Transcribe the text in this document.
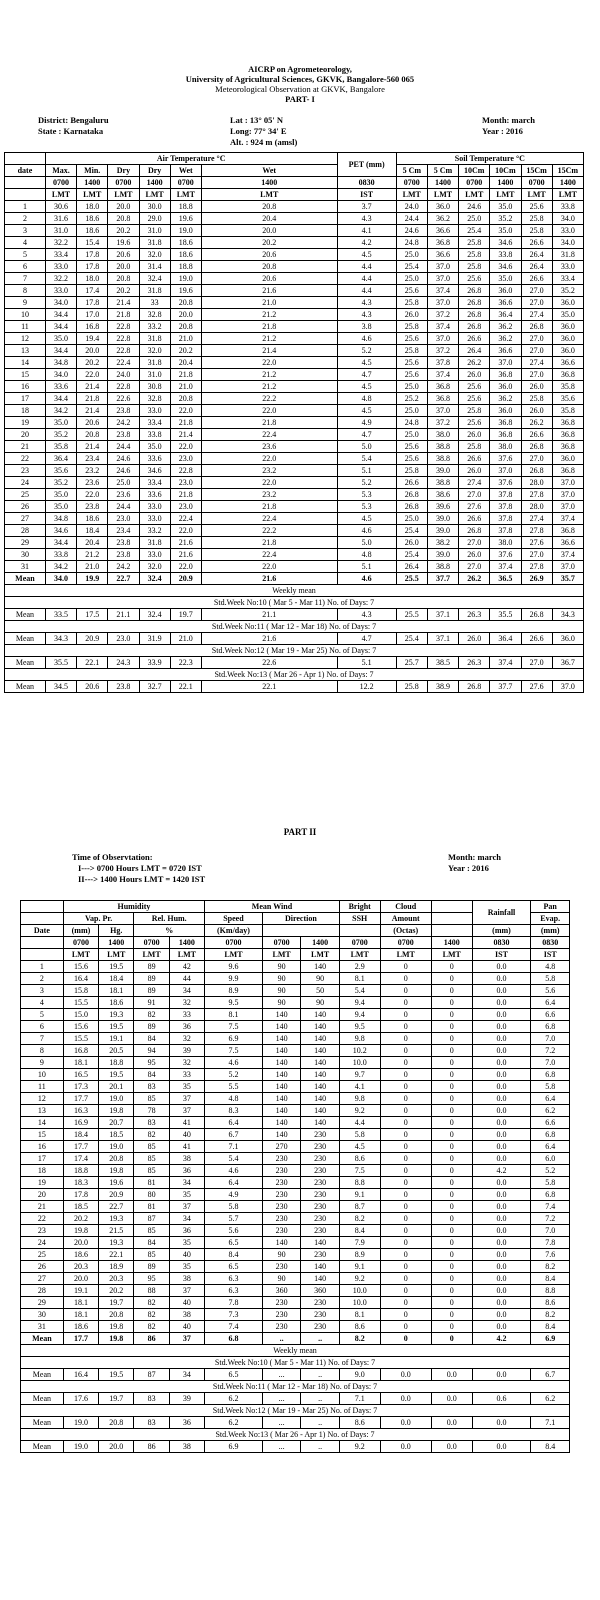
AICRP on Agrometeorology,
University of Agricultural Sciences, GKVK, Bangalore-560 065
Meteorological Observation at GKVK, Bangalore
PART- I
District: Bengaluru
State : Karnataka
Lat : 13° 05' N
Long: 77° 34' E
Alt. : 924 m (amsl)
Month: march
Year : 2016
	Air Temperature °C						PET (mm)	Soil Temperature °C					
date	Max.	Min.	Dry	Dry	Wet	Wet		5 Cm	5 Cm	10Cm	10Cm	15Cm	15Cm
	0700	1400	0700	1400	0700	1400	0830	0700	1400	0700	1400	0700	1400
	LMT	LMT	LMT	LMT	LMT	LMT	IST	LMT	LMT	LMT	LMT	LMT	LMT
1	30.6	18.0	20.0	30.0	18.8	20.8	3.7	24.0	36.0	24.6	35.0	25.6	33.8
2	31.6	18.6	20.8	29.0	19.6	20.4	4.3	24.4	36.2	25.0	35.2	25.8	34.0
3	31.0	18.6	20.2	31.0	19.0	20.0	4.1	24.6	36.6	25.4	35.0	25.8	33.0
4	32.2	15.4	19.6	31.8	18.6	20.2	4.2	24.8	36.8	25.8	34.6	26.6	34.0
5	33.4	17.8	20.6	32.0	18.6	20.6	4.5	25.0	36.6	25.8	33.8	26.4	31.8
6	33.0	17.8	20.0	31.4	18.8	20.8	4.4	25.4	37.0	25.8	34.6	26.4	33.0
7	32.2	18.0	20.8	32.4	19.0	20.6	4.4	25.0	37.0	25.6	35.0	26.6	33.4
8	33.0	17.4	20.2	31.8	19.6	21.6	4.4	25.6	37.4	26.8	36.0	27.0	35.2
9	34.0	17.8	21.4	33	20.8	21.0	4.3	25.8	37.0	26.8	36.6	27.0	36.0
10	34.4	17.0	21.8	32.8	20.0	21.2	4.3	26.0	37.2	26.8	36.4	27.4	35.0
11	34.4	16.8	22.8	33.2	20.8	21.8	3.8	25.8	37.4	26.8	36.2	26.8	36.0
12	35.0	19.4	22.8	31.8	21.0	21.2	4.6	25.6	37.0	26.6	36.2	27.0	36.0
13	34.4	20.0	22.8	32.0	20.2	21.4	5.2	25.8	37.2	26.4	36.6	27.0	36.0
14	34.8	20.2	22.4	31.8	20.4	22.0	4.5	25.6	37.8	26.2	37.0	27.4	36.6
15	34.0	22.0	24.0	31.0	21.8	21.2	4.7	25.6	37.4	26.0	36.8	27.0	36.8
16	33.6	21.4	22.8	30.8	21.0	21.2	4.5	25.0	36.8	25.6	36.0	26.0	35.8
17	34.4	21.8	22.6	32.8	20.8	22.2	4.8	25.2	36.8	25.6	36.2	25.8	35.6
18	34.2	21.4	23.8	33.0	22.0	22.0	4.5	25.0	37.0	25.8	36.0	26.0	35.8
19	35.0	20.6	24.2	33.4	21.8	21.8	4.9	24.8	37.2	25.6	36.8	26.2	36.8
20	35.2	20.8	23.8	33.8	21.4	22.4	4.7	25.0	38.0	26.0	36.8	26.6	36.8
21	35.8	21.4	24.4	35.0	22.0	23.6	5.0	25.6	38.8	25.8	38.0	26.8	36.8
22	36.4	23.4	24.6	33.6	23.0	22.0	5.4	25.6	38.8	26.6	37.6	27.0	36.0
23	35.6	23.2	24.6	34.6	22.8	23.2	5.1	25.8	39.0	26.0	37.0	26.8	36.8
24	35.2	23.6	25.0	33.4	23.0	22.0	5.2	26.6	38.8	27.4	37.6	28.0	37.0
25	35.0	22.0	23.6	33.6	21.8	23.2	5.3	26.8	38.6	27.0	37.8	27.8	37.0
26	35.0	23.8	24.4	33.0	23.0	21.8	5.3	26.8	39.6	27.6	37.8	28.0	37.0
27	34.8	18.6	23.0	33.0	22.4	22.4	4.5	25.0	39.0	26.6	37.8	27.4	37.4
28	34.6	18.4	23.4	33.2	22.0	22.2	4.6	25.4	39.0	26.8	37.8	27.8	36.8
29	34.4	20.4	23.8	31.8	21.6	21.8	5.0	26.0	38.2	27.0	38.0	27.6	36.6
30	33.8	21.2	23.8	33.0	21.6	22.4	4.8	25.4	39.0	26.0	37.6	27.0	37.4
31	34.2	21.0	24.2	32.0	22.0	22.0	5.1	26.4	38.8	27.0	37.4	27.8	37.0
Mean	34.0	19.9	22.7	32.4	20.9	21.6	4.6	25.5	37.7	26.2	36.5	26.9	35.7
Weekly mean													
Std.Week No:10 ( Mar 5 - Mar 11) No. of Days: 7													
Mean	33.5	17.5	21.1	32.4	19.7	21.1	4.3	25.5	37.1	26.3	35.5	26.8	34.3
Std.Week No:11 ( Mar 12 - Mar 18) No. of Days: 7													
Mean	34.3	20.9	23.0	31.9	21.0	21.6	4.7	25.4	37.1	26.0	36.4	26.6	36.0
Std.Week No:12 ( Mar 19 - Mar 25) No. of Days: 7													
Mean	35.5	22.1	24.3	33.9	22.3	22.6	5.1	25.7	38.5	26.3	37.4	27.0	36.7
Std.Week No:13 ( Mar 26 - Apr 1) No. of Days: 7													
Mean	34.5	20.6	23.8	32.7	22.1	22.1	12.2	25.8	38.9	26.8	37.7	27.6	37.0
PART II
Time of Observtation:
I---> 0700 Hours LMT = 0720 IST
II---> 1400 Hours LMT = 1420 IST
Month: march
Year : 2016
	Humidity				Mean Wind			Bright	Cloud		Rainfall	Pan
	Vap. Pr.		Rel. Hum.		Speed	Direction		SSH	Amount			Evap.
Date	(mm)	Hg.	%		(Km/day)				(Octas)		(mm)	(mm)
	0700	1400	0700	1400	0700	0700	1400	0700	0700	1400	0830	0830
	LMT	LMT	LMT	LMT	LMT	LMT	LMT	LMT	LMT	LMT	IST	IST
1	15.6	19.5	89	42	9.6	90	140	2.9	0	0	0.0	4.8
2	16.4	18.4	89	44	9.9	90	90	8.1	0	0	0.0	5.8
3	15.8	18.1	89	34	8.9	90	50	5.4	0	0	0.0	5.6
4	15.5	18.6	91	32	9.5	90	90	9.4	0	0	0.0	6.4
5	15.0	19.3	82	33	8.1	140	140	9.4	0	0	0.0	6.6
6	15.6	19.5	89	36	7.5	140	140	9.5	0	0	0.0	6.8
7	15.5	19.1	84	32	6.9	140	140	9.8	0	0	0.0	7.0
8	16.8	20.5	94	39	7.5	140	140	10.2	0	0	0.0	7.2
9	18.1	18.8	95	32	4.6	140	140	10.0	0	0	0.0	7.0
10	16.5	19.5	84	33	5.2	140	140	9.7	0	0	0.0	6.8
11	17.3	20.1	83	35	5.5	140	140	4.1	0	0	0.0	5.8
12	17.7	19.0	85	37	4.8	140	140	9.8	0	0	0.0	6.4
13	16.3	19.8	78	37	8.3	140	140	9.2	0	0	0.0	6.2
14	16.9	20.7	83	41	6.4	140	140	4.4	0	0	0.0	6.6
15	18.4	18.5	82	40	6.7	140	230	5.8	0	0	0.0	6.8
16	17.7	19.0	85	41	7.1	270	230	4.5	0	0	0.0	6.4
17	17.4	20.8	85	38	5.4	230	230	8.6	0	0	0.0	6.0
18	18.8	19.8	85	36	4.6	230	230	7.5	0	0	4.2	5.2
19	18.3	19.6	81	34	6.4	230	230	8.8	0	0	0.0	5.8
20	17.8	20.9	80	35	4.9	230	230	9.1	0	0	0.0	6.8
21	18.5	22.7	81	37	5.8	230	230	8.7	0	0	0.0	7.4
22	20.2	19.3	87	34	5.7	230	230	8.2	0	0	0.0	7.2
23	19.8	21.5	85	36	5.6	230	230	8.4	0	0	0.0	7.0
24	20.0	19.3	84	35	6.5	140	140	7.9	0	0	0.0	7.8
25	18.6	22.1	85	40	8.4	90	230	8.9	0	0	0.0	7.6
26	20.3	18.9	89	35	6.5	230	140	9.1	0	0	0.0	8.2
27	20.0	20.3	95	38	6.3	90	140	9.2	0	0	0.0	8.4
28	19.1	20.2	88	37	6.3	360	360	10.0	0	0	0.0	8.8
29	18.1	19.7	82	40	7.8	230	230	10.0	0	0	0.0	8.6
30	18.1	20.8	82	38	7.3	230	230	8.1	0	0	0.0	8.2
31	18.6	19.8	82	40	7.4	230	230	8.6	0	0	0.0	8.4
Mean	17.7	19.8	86	37	6.8	..	..	8.2	0	0	4.2	6.9
Weekly mean												
Std.Week No:10 ( Mar 5 - Mar 11) No. of Days: 7												
Mean	16.4	19.5	87	34	6.5	...	..	9.0	0.0	0.0	0.0	6.7
Std.Week No:11 ( Mar 12 - Mar 18) No. of Days: 7												
Mean	17.6	19.7	83	39	6.2	...	..	7.1	0.0	0.0	0.6	6.2
Std.Week No:12 ( Mar 19 - Mar 25) No. of Days: 7												
Mean	19.0	20.8	83	36	6.2	...	..	8.6	0.0	0.0	0.0	7.1
Std.Week No:13 ( Mar 26 - Apr 1) No. of Days: 7												
Mean	19.0	20.0	86	38	6.9	...	..	9.2	0.0	0.0	0.0	8.4
